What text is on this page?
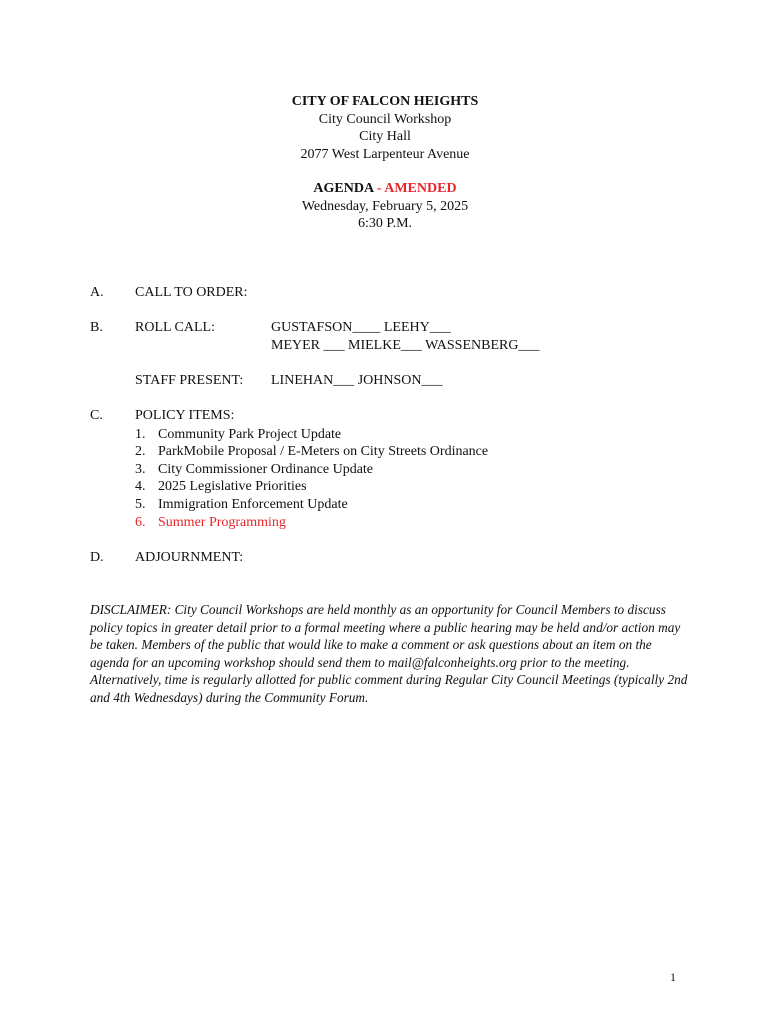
CITY OF FALCON HEIGHTS
City Council Workshop
City Hall
2077 West Larpenteur Avenue
AGENDA - AMENDED
Wednesday, February 5, 2025
6:30 P.M.
A. CALL TO ORDER:
B. ROLL CALL:	GUSTAFSON____ LEEHY___
MEYER ___ MIELKE___ WASSENBERG___
STAFF PRESENT: LINEHAN___ JOHNSON___
C. POLICY ITEMS:
1. Community Park Project Update
2. ParkMobile Proposal / E-Meters on City Streets Ordinance
3. City Commissioner Ordinance Update
4. 2025 Legislative Priorities
5. Immigration Enforcement Update
6. Summer Programming
D. ADJOURNMENT:
DISCLAIMER: City Council Workshops are held monthly as an opportunity for Council Members to discuss policy topics in greater detail prior to a formal meeting where a public hearing may be held and/or action may be taken. Members of the public that would like to make a comment or ask questions about an item on the agenda for an upcoming workshop should send them to mail@falconheights.org prior to the meeting. Alternatively, time is regularly allotted for public comment during Regular City Council Meetings (typically 2nd and 4th Wednesdays) during the Community Forum.
1
